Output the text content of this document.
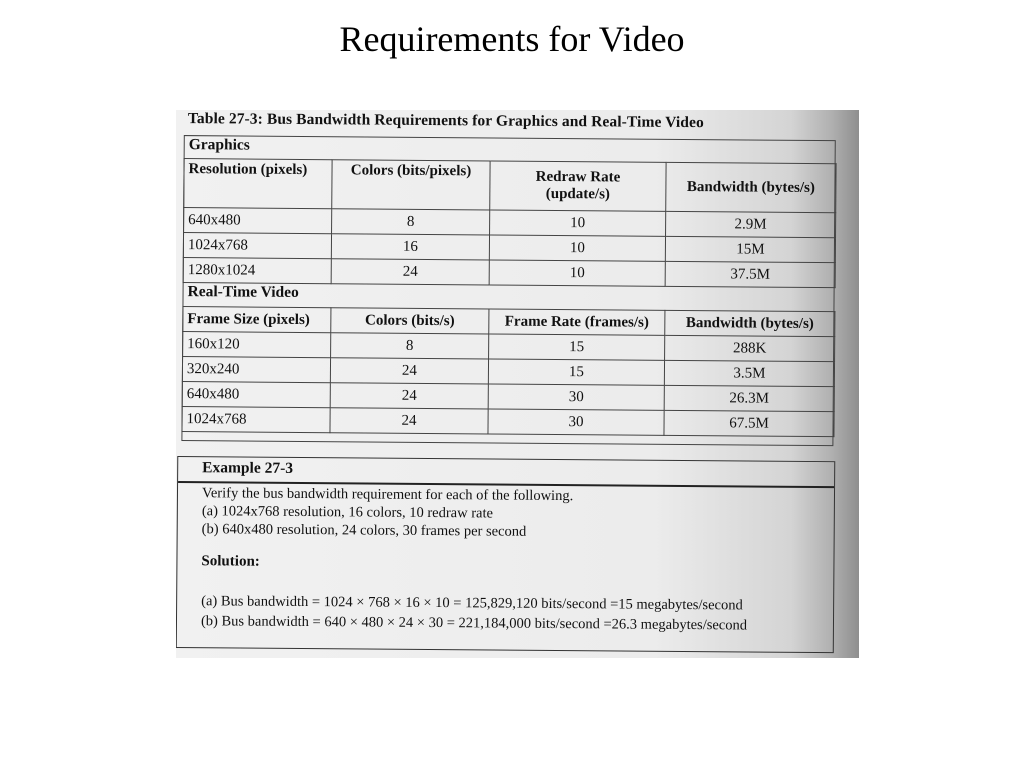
Requirements for Video
Table 27-3: Bus Bandwidth Requirements for Graphics and Real-Time Video
Graphics
Resolution (pixels)	Colors (bits/pixels)	Redraw Rate (update/s)	Bandwidth (bytes/s)
640x480	8	10	2.9M
1024x768	16	10	15M
1280x1024	24	10	37.5M
Real-Time Video
Frame Size (pixels)	Colors (bits/s)	Frame Rate (frames/s)	Bandwidth (bytes/s)
160x120	8	15	288K
320x240	24	15	3.5M
640x480	24	30	26.3M
1024x768	24	30	67.5M
Example 27-3
Verify the bus bandwidth requirement for each of the following.
(a) 1024x768 resolution, 16 colors, 10 redraw rate
(b) 640x480 resolution, 24 colors, 30 frames per second
Solution:
(a) Bus bandwidth = 1024 × 768 × 16 × 10 = 125,829,120 bits/second =15 megabytes/second
(b) Bus bandwidth = 640 × 480 × 24 × 30 = 221,184,000 bits/second =26.3 megabytes/second
